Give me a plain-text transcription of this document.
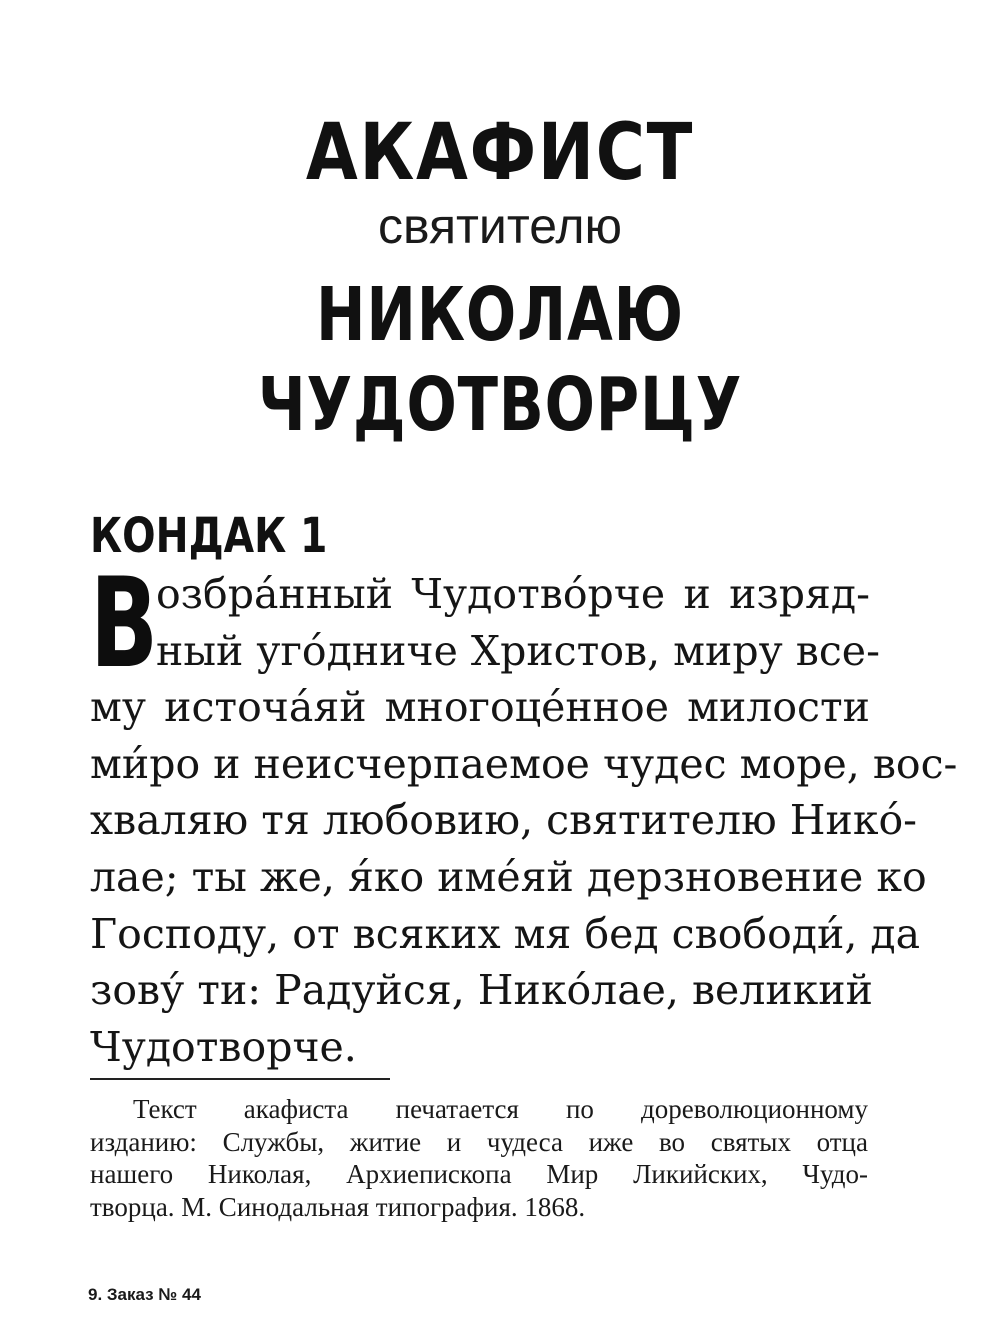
АКАФИСТ
святителю
НИКОЛАЮ ЧУДОТВОРЦУ
КОНДАК 1
В
озбра́нный Чудотво́рче и изряд-
ный уго́дниче Христов, миру все-
му источа́яй многоце́нное милости
ми́ро и неисчерпаемое чудес море, вос-
хваляю тя любовию, святителю Нико́-
лае; ты же, я́ко име́яй дерзновение ко
Господу, от всяких мя бед свободи́, да
зову́ ти: Радуйся, Нико́лае, великий
Чудотворче.
Текст акафиста печатается по дореволюционному
изданию: Службы, житие и чудеса иже во святых отца
нашего Николая, Архиепископа Мир Ликийских, Чудо-
творца. М. Синодальная типография. 1868.
9. Заказ № 44
